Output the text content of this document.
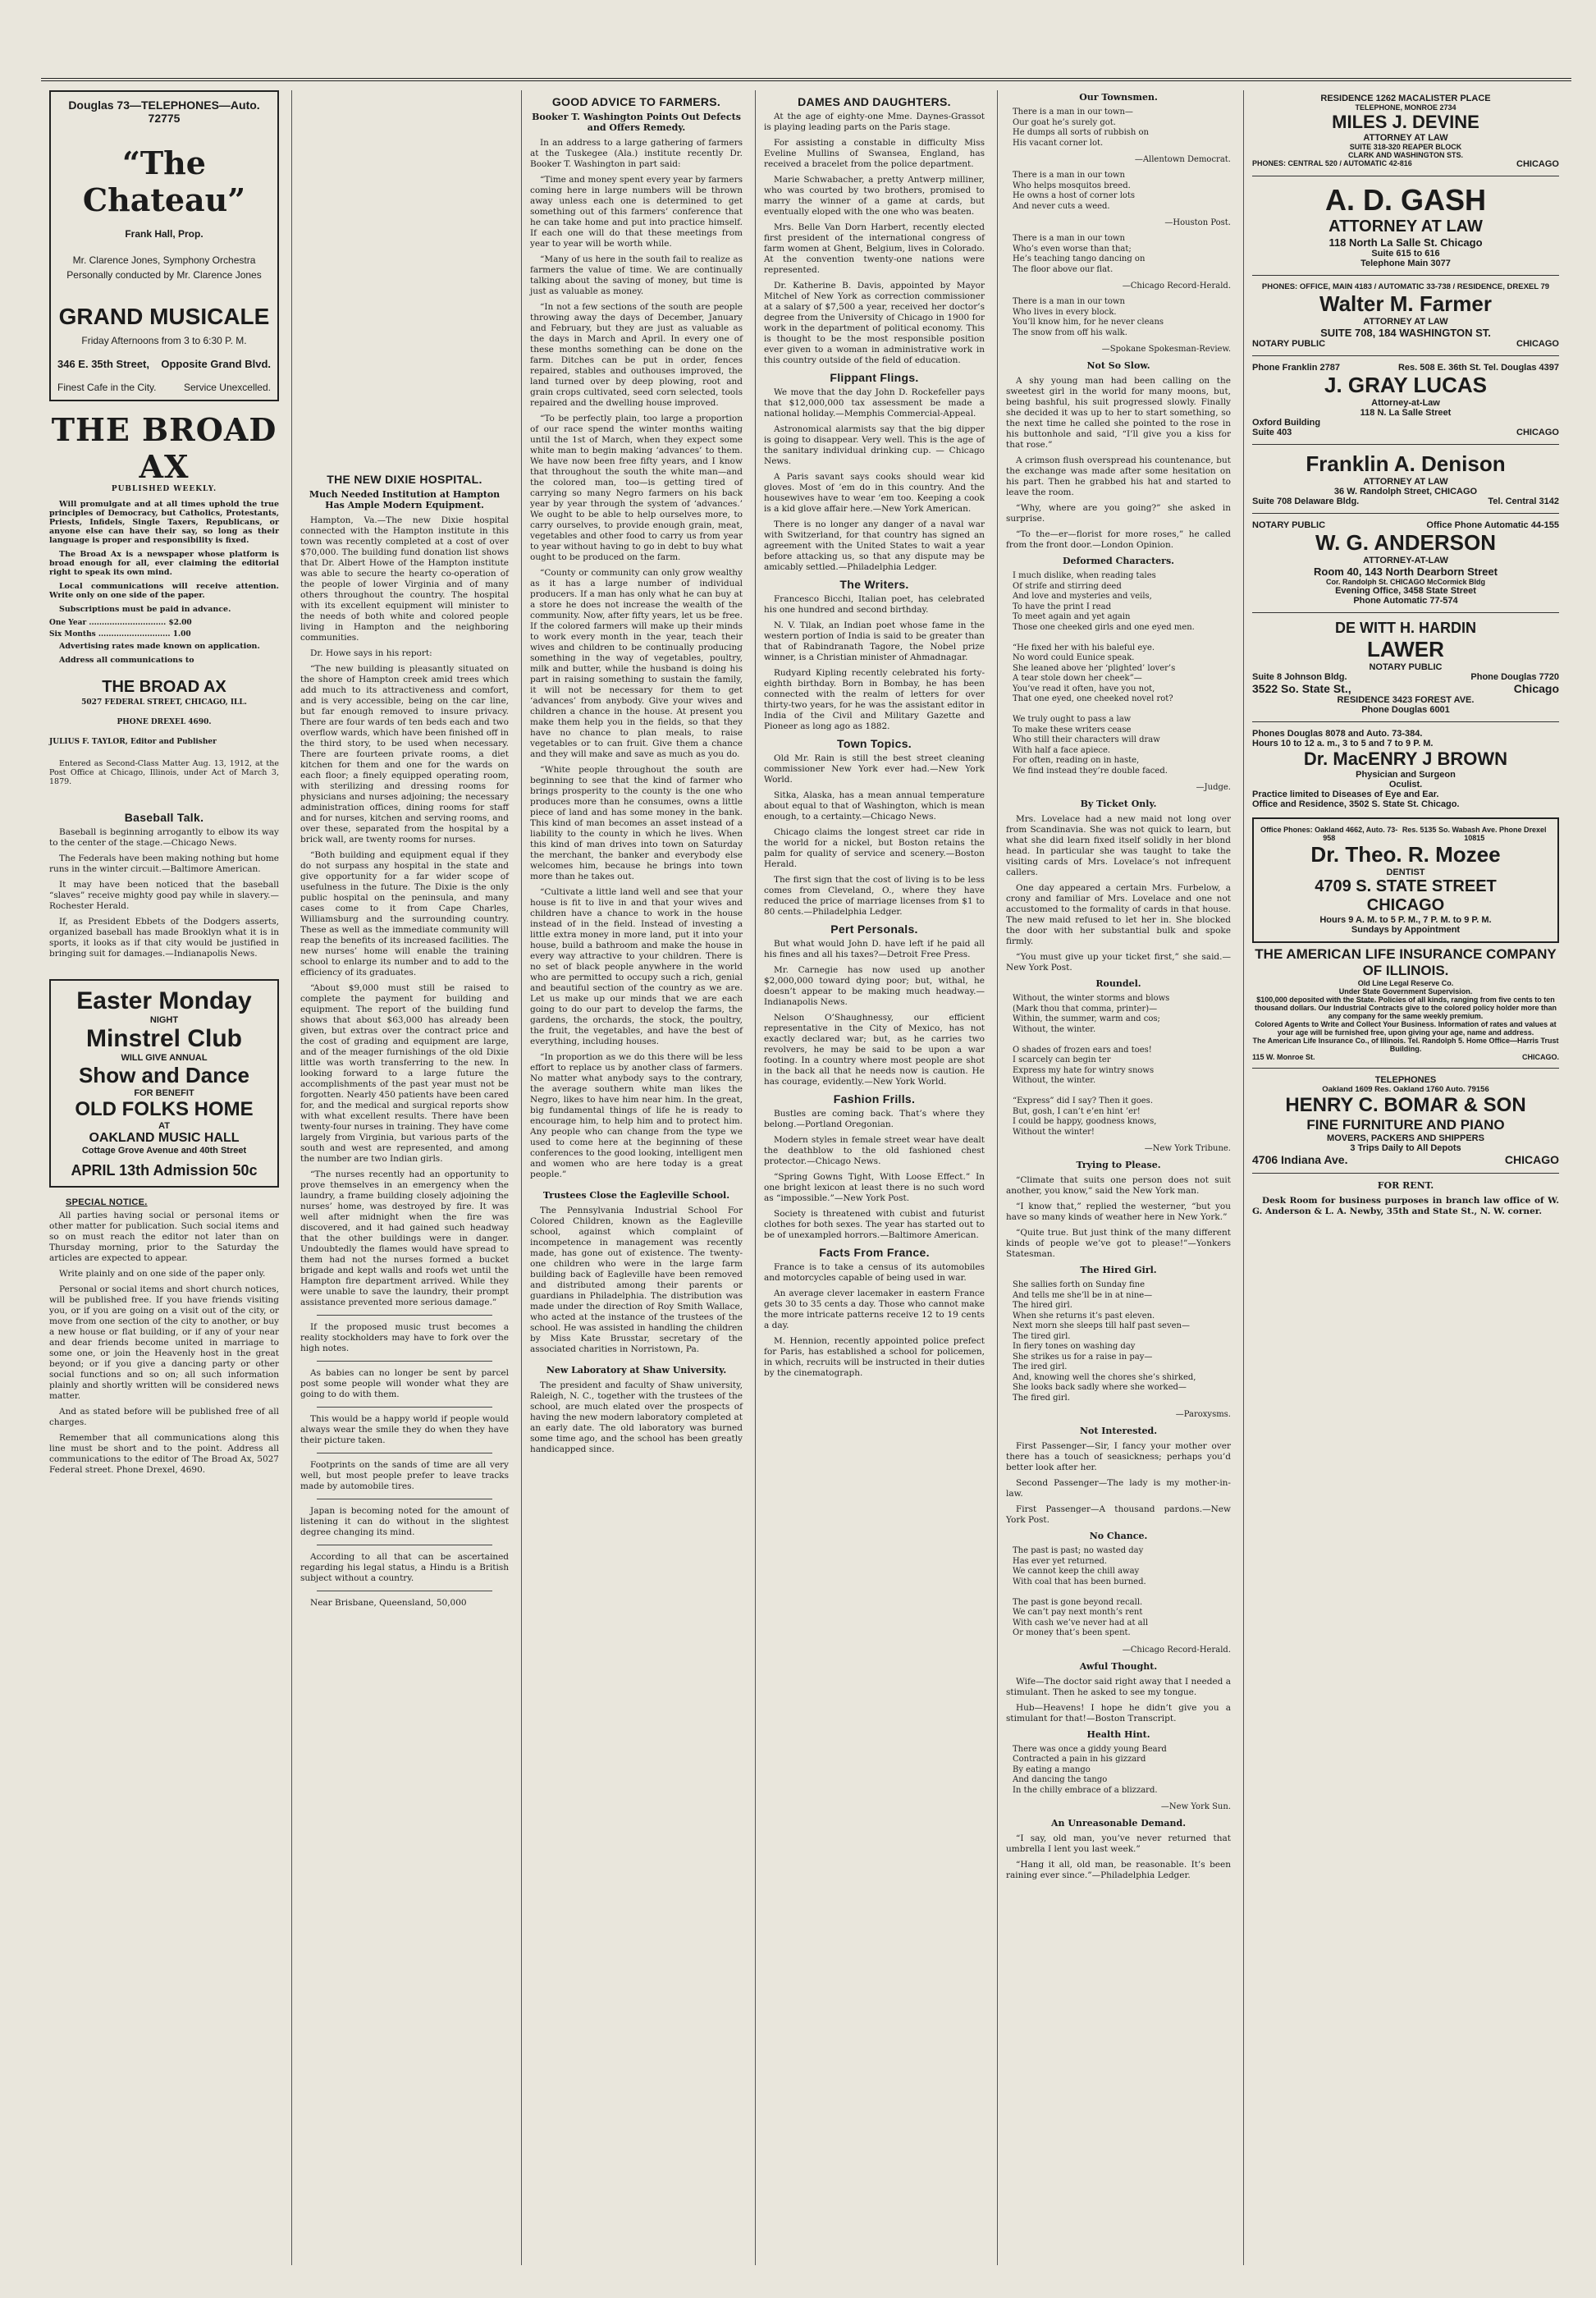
Douglas 73—TELEPHONES—Auto. 72775
“The Chateau”
Frank Hall, Prop.
Mr. Clarence Jones, Symphony Orchestra
Personally conducted by Mr. Clarence Jones
GRAND MUSICALE
Friday Afternoons from 3 to 6:30 P. M.
346 E. 35th Street, Opposite Grand Blvd.
Finest Cafe in the City.	Service Unexcelled.
THE BROAD AX
PUBLISHED WEEKLY.

Will promulgate and at all times uphold the true principles of Democracy, but Catholics, Protestants, Priests, Infidels, Single Taxers, Republicans, or anyone else can have their say, so long as their language is proper and responsibility is fixed.

The Broad Ax is a newspaper whose platform is broad enough for all, ever claiming the editorial right to speak its own mind.

Local communications will receive attention. Write only on one side of the paper.

Subscriptions must be paid in advance.

One Year .............................. $2.00
Six Months ............................ 1.00

Advertising rates made known on application.

Address all communications to

THE BROAD AX
5027 FEDERAL STREET, CHICAGO, ILL.
PHONE DREXEL 4690.
JULIUS F. TAYLOR, Editor and Publisher

Entered as Second-Class Matter Aug. 13, 1912, at the Post Office at Chicago, Illinois, under Act of March 3, 1879.

Baseball Talk.

Baseball is beginning arrogantly to elbow its way to the center of the stage.—Chicago News.

The Federals have been making nothing but home runs in the winter circuit.—Baltimore American.

It may have been noticed that the baseball “slaves” receive mighty good pay while in slavery.—Rochester Herald.

If, as President Ebbets of the Dodgers asserts, organized baseball has made Brooklyn what it is in sports, it looks as if that city would be justified in bringing suit for damages.—Indianapolis News.

Easter Monday
NIGHT
Minstrel Club
WILL GIVE ANNUAL
Show and Dance
FOR BENEFIT
OLD FOLKS HOME
AT
OAKLAND MUSIC HALL
Cottage Grove Avenue and 40th Street
APRIL 13th Admission 50c
SPECIAL NOTICE.

All parties having social or personal items or other matter for publication. Such social items and so on must reach the editor not later than on Thursday morning, prior to the Saturday the articles are expected to appear.

Write plainly and on one side of the paper only.

Personal or social items and short church notices, will be published free. If you have friends visiting you, or if you are going on a visit out of the city, or move from one section of the city to another, or buy a new house or flat building, or if any of your near and dear friends become united in marriage to some one, or join the Heavenly host in the great beyond; or if you give a dancing party or other social functions and so on; all such information plainly and shortly written will be considered news matter.

And as stated before will be published free of all charges.

Remember that all communications along this line must be short and to the point. Address all communications to the editor of The Broad Ax, 5027 Federal street. Phone Drexel, 4690.

THE NEW DIXIE HOSPITAL.
Much Needed Institution at Hampton Has Ample Modern Equipment.

Hampton, Va.—The new Dixie hospital connected with the Hampton institute in this town was recently completed at a cost of over $70,000. The building fund donation list shows that Dr. Albert Howe of the Hampton institute was able to secure the hearty co-operation of the people of lower Virginia and of many others throughout the country. The hospital with its excellent equipment will minister to the needs of both white and colored people living in Hampton and the neighboring communities.

Dr. Howe says in his report:

“The new building is pleasantly situated on the shore of Hampton creek amid trees which add much to its attractiveness and comfort, and is very accessible, being on the car line, but far enough removed to insure privacy. There are four wards of ten beds each and two overflow wards, which have been finished off in the third story, to be used when necessary. There are fourteen private rooms, a diet kitchen for them and one for the wards on each floor; a finely equipped operating room, with sterilizing and dressing rooms for physicians and nurses adjoining; the necessary administration offices, dining rooms for staff and for nurses, kitchen and serving rooms, and over these, separated from the hospital by a brick wall, are twenty rooms for nurses.

“Both building and equipment equal if they do not surpass any hospital in the state and give opportunity for a far wider scope of usefulness in the future. The Dixie is the only public hospital on the peninsula, and many cases come to it from Cape Charles, Williamsburg and the surrounding country. These as well as the immediate community will reap the benefits of its increased facilities. The new nurses’ home will enable the training school to enlarge its number and to add to the efficiency of its graduates.

“About $9,000 must still be raised to complete the payment for building and equipment. The report of the building fund shows that about $63,000 has already been given, but extras over the contract price and the cost of grading and equipment are large, and of the meager furnishings of the old Dixie little was worth transferring to the new. In looking forward to a large future the accomplishments of the past year must not be forgotten. Nearly 450 patients have been cared for, and the medical and surgical reports show with what excellent results. There have been twenty-four nurses in training. They have come largely from Virginia, but various parts of the south and west are represented, and among the number are two Indian girls.

“The nurses recently had an opportunity to prove themselves in an emergency when the laundry, a frame building closely adjoining the nurses’ home, was destroyed by fire. It was well after midnight when the fire was discovered, and it had gained such headway that the other buildings were in danger. Undoubtedly the flames would have spread to them had not the nurses formed a bucket brigade and kept walls and roofs wet until the Hampton fire department arrived. While they were unable to save the laundry, their prompt assistance prevented more serious damage.”

If the proposed music trust becomes a reality stockholders may have to fork over the high notes.

As babies can no longer be sent by parcel post some people will wonder what they are going to do with them.

This would be a happy world if people would always wear the smile they do when they have their picture taken.

Footprints on the sands of time are all very well, but most people prefer to leave tracks made by automobile tires.

Japan is becoming noted for the amount of listening it can do without in the slightest degree changing its mind.

According to all that can be ascertained regarding his legal status, a Hindu is a British subject without a country.

Near Brisbane, Queensland, 50,000

GOOD ADVICE TO FARMERS.
Booker T. Washington Points Out Defects and Offers Remedy.

In an address to a large gathering of farmers at the Tuskegee (Ala.) institute recently Dr. Booker T. Washington in part said:

“Time and money spent every year by farmers coming here in large numbers will be thrown away unless each one is determined to get something out of this farmers’ conference that he can take home and put into practice himself. If each one will do that these meetings from year to year will be worth while.

“Many of us here in the south fail to realize as farmers the value of time. We are continually talking about the saving of money, but time is just as valuable as money.

“In not a few sections of the south are people throwing away the days of December, January and February, but they are just as valuable as the days in March and April. In every one of these months something can be done on the farm. Ditches can be put in order, fences repaired, stables and outhouses improved, the land turned over by deep plowing, root and grain crops cultivated, seed corn selected, tools repaired and the dwelling house improved.

“To be perfectly plain, too large a proportion of our race spend the winter months waiting until the 1st of March, when they expect some white man to begin making ‘advances’ to them. We have now been free fifty years, and I know that throughout the south the white man—and the colored man, too—is getting tired of carrying so many Negro farmers on his back year by year through the system of ‘advances.’ We ought to be able to help ourselves more, to carry ourselves, to provide enough grain, meat, vegetables and other food to carry us from year to year without having to go in debt to buy what ought to be produced on the farm.

“County or community can only grow wealthy as it has a large number of individual producers. If a man has only what he can buy at a store he does not increase the wealth of the community. Now, after fifty years, let us be free. If the colored farmers will make up their minds to work every month in the year, teach their wives and children to be continually producing something in the way of vegetables, poultry, milk and butter, while the husband is doing his part in raising something to sustain the family, it will not be necessary for them to get ‘advances’ from anybody. Give your wives and children a chance in the house. At present you make them help you in the fields, so that they have no chance to plan meals, to raise vegetables or to can fruit. Give them a chance and they will make and save as much as you do.

“White people throughout the south are beginning to see that the kind of farmer who brings prosperity to the county is the one who produces more than he consumes, owns a little piece of land and has some money in the bank. This kind of man becomes an asset instead of a liability to the county in which he lives. When this kind of man drives into town on Saturday the merchant, the banker and everybody else welcomes him, because he brings into town more than he takes out.

“Cultivate a little land well and see that your house is fit to live in and that your wives and children have a chance to work in the house instead of in the field. Instead of investing a little extra money in more land, put it into your house, build a bathroom and make the house in every way attractive to your children. There is no set of black people anywhere in the world who are permitted to occupy such a rich, genial and beautiful section of the country as we are. Let us make up our minds that we are each going to do our part to develop the farms, the gardens, the orchards, the stock, the poultry, the fruit, the vegetables, and have the best of everything, including houses.

“In proportion as we do this there will be less effort to replace us by another class of farmers. No matter what anybody says to the contrary, the average southern white man likes the Negro, likes to have him near him. In the great, big fundamental things of life he is ready to encourage him, to help him and to protect him. Any people who can change from the type we used to come here at the beginning of these conferences to the good looking, intelligent men and women who are here today is a great people.”

Trustees Close the Eagleville School.

The Pennsylvania Industrial School For Colored Children, known as the Eagleville school, against which complaint of incompetence in management was recently made, has gone out of existence. The twenty-one children who were in the large farm building back of Eagleville have been removed and distributed among their parents or guardians in Philadelphia. The distribution was made under the direction of Roy Smith Wallace, who acted at the instance of the trustees of the school. He was assisted in handling the children by Miss Kate Brusstar, secretary of the associated charities in Norristown, Pa.

New Laboratory at Shaw University.

The president and faculty of Shaw university, Raleigh, N. C., together with the trustees of the school, are much elated over the prospects of having the new modern laboratory completed at an early date. The old laboratory was burned some time ago, and the school has been greatly handicapped since.

DAMES AND DAUGHTERS.

At the age of eighty-one Mme. Daynes-Grassot is playing leading parts on the Paris stage.

For assisting a constable in difficulty Miss Eveline Mullins of Swansea, England, has received a bracelet from the police department.

Marie Schwabacher, a pretty Antwerp milliner, who was courted by two brothers, promised to marry the winner of a game at cards, but eventually eloped with the one who was beaten.

Mrs. Belle Van Dorn Harbert, recently elected first president of the international congress of farm women at Ghent, Belgium, lives in Colorado. At the convention twenty-one nations were represented.

Dr. Katherine B. Davis, appointed by Mayor Mitchel of New York as correction commissioner at a salary of $7,500 a year, received her doctor’s degree from the University of Chicago in 1900 for work in the department of political economy. This is thought to be the most responsible position ever given to a woman in administrative work in this country outside of the field of education.

Flippant Flings.

We move that the day John D. Rockefeller pays that $12,000,000 tax assessment be made a national holiday.—Memphis Commercial-Appeal.

Astronomical alarmists say that the big dipper is going to disappear. Very well. This is the age of the sanitary individual drinking cup. — Chicago News.

A Paris savant says cooks should wear kid gloves. Most of ’em do in this country. And the housewives have to wear ’em too. Keeping a cook is a kid glove affair here.—New York American.

There is no longer any danger of a naval war with Switzerland, for that country has signed an agreement with the United States to wait a year before attacking us, so that any dispute may be amicably settled.—Philadelphia Ledger.

The Writers.

Francesco Bicchi, Italian poet, has celebrated his one hundred and second birthday.

N. V. Tilak, an Indian poet whose fame in the western portion of India is said to be greater than that of Rabindranath Tagore, the Nobel prize winner, is a Christian minister of Ahmadnagar.

Rudyard Kipling recently celebrated his forty-eighth birthday. Born in Bombay, he has been connected with the realm of letters for over thirty-two years, for he was the assistant editor in India of the Civil and Military Gazette and Pioneer as long ago as 1882.

Town Topics.

Old Mr. Rain is still the best street cleaning commissioner New York ever had.—New York World.

Sitka, Alaska, has a mean annual temperature about equal to that of Washington, which is mean enough, to a certainty.—Chicago News.

Chicago claims the longest street car ride in the world for a nickel, but Boston retains the palm for quality of service and scenery.—Boston Herald.

The first sign that the cost of living is to be less comes from Cleveland, O., where they have reduced the price of marriage licenses from $1 to 80 cents.—Philadelphia Ledger.

Pert Personals.

But what would John D. have left if he paid all his fines and all his taxes?—Detroit Free Press.

Mr. Carnegie has now used up another $2,000,000 toward dying poor; but, withal, he doesn’t appear to be making much headway.—Indianapolis News.

Nelson O’Shaughnessy, our efficient representative in the City of Mexico, has not exactly declared war; but, as he carries two revolvers, he may be said to be upon a war footing. In a country where most people are shot in the back all that he needs now is caution. He has courage, evidently.—New York World.

Fashion Frills.

Bustles are coming back. That’s where they belong.—Portland Oregonian.

Modern styles in female street wear have dealt the deathblow to the old fashioned chest protector.—Chicago News.

“Spring Gowns Tight, With Loose Effect.” In one bright lexicon at least there is no such word as “impossible.”—New York Post.

Society is threatened with cubist and futurist clothes for both sexes. The year has started out to be of unexampled horrors.—Baltimore American.

Facts From France.

France is to take a census of its automobiles and motorcycles capable of being used in war.

An average clever lacemaker in eastern France gets 30 to 35 cents a day. Those who cannot make the more intricate patterns receive 12 to 19 cents a day.

M. Hennion, recently appointed police prefect for Paris, has established a school for policemen, in which, recruits will be instructed in their duties by the cinematograph.

Our Townsmen.
There is a man in our town—
Our goat he’s surely got.
He dumps all sorts of rubbish on
His vacant corner lot.
—Allentown Democrat.
There is a man in our town
Who helps mosquitos breed.
He owns a host of corner lots
And never cuts a weed.
—Houston Post.
There is a man in our town
Who’s even worse than that;
He’s teaching tango dancing on
The floor above our flat.
—Chicago Record-Herald.
There is a man in our town
Who lives in every block.
You’ll know him, for he never cleans
The snow from off his walk.
—Spokane Spokesman-Review.
Not So Slow.

A shy young man had been calling on the sweetest girl in the world for many moons, but, being bashful, his suit progressed slowly. Finally she decided it was up to her to start something, so the next time he called she pointed to the rose in his buttonhole and said, “I’ll give you a kiss for that rose.”

A crimson flush overspread his countenance, but the exchange was made after some hesitation on his part. Then he grabbed his hat and started to leave the room.

“Why, where are you going?” she asked in surprise.

“To the—er—florist for more roses,” he called from the front door.—London Opinion.

Deformed Characters.
I much dislike, when reading tales
Of strife and stirring deed
And love and mysteries and veils,
To have the print I read
To meet again and yet again
Those one cheeked girls and one eyed men.

“He fixed her with his baleful eye.
No word could Eunice speak.
She leaned above her ‘plighted’ lover’s
A tear stole down her cheek”—
You’ve read it often, have you not,
That one eyed, one cheeked novel rot?

We truly ought to pass a law
To make these writers cease
Who still their characters will draw
With half a face apiece.
For often, reading on in haste,
We find instead they’re double faced.
—Judge.
By Ticket Only.

Mrs. Lovelace had a new maid not long over from Scandinavia. She was not quick to learn, but what she did learn fixed itself solidly in her blond head. In particular she was taught to take the visiting cards of Mrs. Lovelace’s not infrequent callers.

One day appeared a certain Mrs. Furbelow, a crony and familiar of Mrs. Lovelace and one not accustomed to the formality of cards in that house. The new maid refused to let her in. She blocked the door with her substantial bulk and spoke firmly.

“You must give up your ticket first,” she said.—New York Post.

Roundel.
Without, the winter storms and blows
(Mark thou that comma, printer)—
Within, the summer, warm and cos;
Without, the winter.

O shades of frozen ears and toes!
I scarcely can begin ter
Express my hate for wintry snows
Without, the winter.

“Express” did I say? Then it goes.
But, gosh, I can’t e’en hint ’er!
I could be happy, goodness knows,
Without the winter!
—New York Tribune.
Trying to Please.

“Climate that suits one person does not suit another, you know,” said the New York man.

“I know that,” replied the westerner, “but you have so many kinds of weather here in New York.”

“Quite true. But just think of the many different kinds of people we’ve got to please!”—Yonkers Statesman.

The Hired Girl.
She sallies forth on Sunday fine
And tells me she’ll be in at nine—
The hired girl.
When she returns it’s past eleven.
Next morn she sleeps till half past seven—
The tired girl.
In fiery tones on washing day
She strikes us for a raise in pay—
The ired girl.
And, knowing well the chores she’s shirked,
She looks back sadly where she worked—
The fired girl.
—Paroxysms.
Not Interested.

First Passenger—Sir, I fancy your mother over there has a touch of seasickness; perhaps you’d better look after her.

Second Passenger—The lady is my mother-in-law.

First Passenger—A thousand pardons.—New York Post.

No Chance.
The past is past; no wasted day
Has ever yet returned.
We cannot keep the chill away
With coal that has been burned.

The past is gone beyond recall.
We can’t pay next month’s rent
With cash we’ve never had at all
Or money that’s been spent.
—Chicago Record-Herald.
Awful Thought.

Wife—The doctor said right away that I needed a stimulant. Then he asked to see my tongue.

Hub—Heavens! I hope he didn’t give you a stimulant for that!—Boston Transcript.

Health Hint.
There was once a giddy young Beard
Contracted a pain in his gizzard
By eating a mango
And dancing the tango
In the chilly embrace of a blizzard.
—New York Sun.
An Unreasonable Demand.

“I say, old man, you’ve never returned that umbrella I lent you last week.”

“Hang it all, old man, be reasonable. It’s been raining ever since.”—Philadelphia Ledger.

RESIDENCE 1262 MACALISTER PLACE
TELEPHONE, MONROE 2734
MILES J. DEVINE
ATTORNEY AT LAW
SUITE 318-320 REAPER BLOCK
CLARK AND WASHINGTON STS.
PHONES: CENTRAL 520 / AUTOMATIC 42-816	CHICAGO
A. D. GASH
ATTORNEY AT LAW
118 North La Salle St. Chicago
Suite 615 to 616
Telephone Main 3077
PHONES: OFFICE, MAIN 4183 / AUTOMATIC 33-738 / RESIDENCE, DREXEL 79
Walter M. Farmer
ATTORNEY AT LAW
SUITE 708, 184 WASHINGTON ST.
NOTARY PUBLIC	CHICAGO
Phone Franklin 2787	Res. 508 E. 36th St. Tel. Douglas 4397
J. GRAY LUCAS
Attorney-at-Law
118 N. La Salle Street
Oxford Building
Suite 403	CHICAGO
Franklin A. Denison
ATTORNEY AT LAW
36 W. Randolph Street, CHICAGO
Suite 708 Delaware Bldg.	Tel. Central 3142
NOTARY PUBLIC	Office Phone Automatic 44-155
W. G. ANDERSON
ATTORNEY-AT-LAW
Room 40, 143 North Dearborn Street
Cor. Randolph St. CHICAGO McCormick Bldg
Evening Office, 3458 State Street
Phone Automatic 77-574
DE WITT H. HARDIN
LAWER
NOTARY PUBLIC
Suite 8 Johnson Bldg.	Phone Douglas 7720
3522 So. State St.,	Chicago
RESIDENCE 3423 FOREST AVE.
Phone Douglas 6001
Phones Douglas 8078 and Auto. 73-384.
Hours 10 to 12 a. m., 3 to 5 and 7 to 9 P. M.
Dr. MacENRY J BROWN
Physician and Surgeon
Oculist.
Practice limited to Diseases of Eye and Ear.
Office and Residence, 3502 S. State St. Chicago.
Office Phones: Oakland 4662, Auto. 73-958
Res. 5135 So. Wabash Ave. Phone Drexel 10815
Dr. Theo. R. Mozee
DENTIST
4709 S. STATE STREET
CHICAGO
Hours 9 A. M. to 5 P. M., 7 P. M. to 9 P. M.
Sundays by Appointment
THE AMERICAN LIFE INSURANCE COMPANY OF ILLINOIS.
Old Line Legal Reserve Co.
Under State Government Supervision.
$100,000 deposited with the State. Policies of all kinds, ranging from five cents to ten thousand dollars. Our Industrial Contracts give to the colored policy holder more than any company for the same weekly premium.
Colored Agents to Write and Collect Your Business. Information of rates and values at your age will be furnished free, upon giving your age, name and address.
The American Life Insurance Co., of Illinois. Tel. Randolph 5. Home Office—Harris Trust Building.
115 W. Monroe St.	CHICAGO.
TELEPHONES
Oakland 1609 Res. Oakland 1760 Auto. 79156
HENRY C. BOMAR & SON
FINE FURNITURE AND PIANO
MOVERS, PACKERS AND SHIPPERS
3 Trips Daily to All Depots
4706 Indiana Ave.	CHICAGO
FOR RENT.

Desk Room for business purposes in branch law office of W. G. Anderson & L. A. Newby, 35th and State St., N. W. corner.
